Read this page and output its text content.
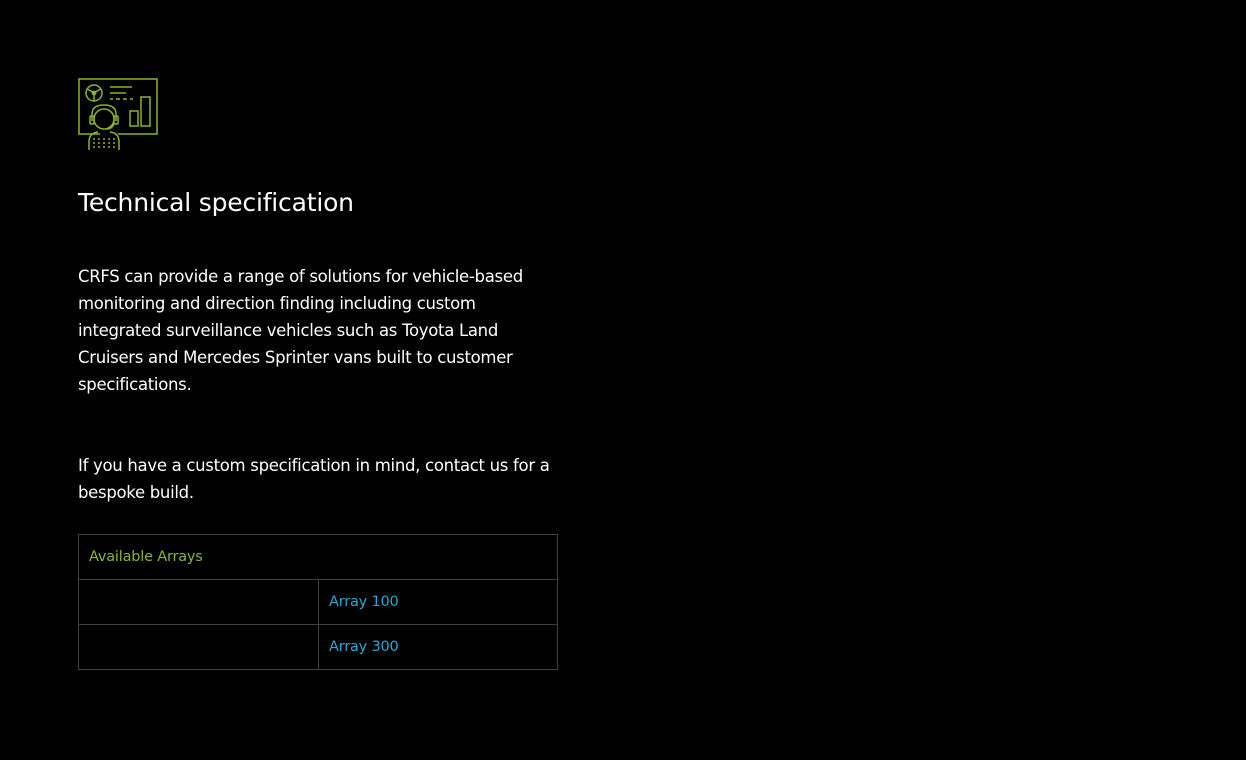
Technical specification

CRFS can provide a range of solutions for vehicle-based monitoring and direction finding including custom integrated surveillance vehicles such as Toyota Land Cruisers and Mercedes Sprinter vans built to customer specifications.

If you have a custom specification in mind, contact us for a bespoke build.

Available Arrays	
	Array 100
	Array 300
